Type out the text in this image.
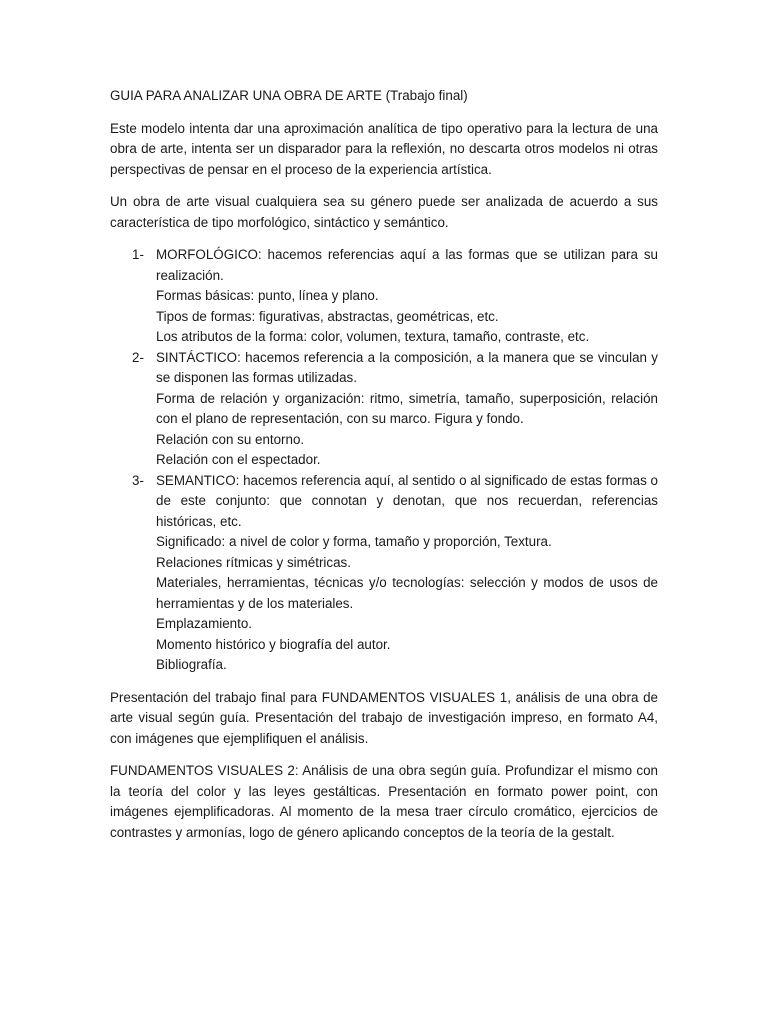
GUIA PARA ANALIZAR UNA OBRA DE ARTE (Trabajo final)

Este modelo intenta dar una aproximación analítica de tipo operativo para la lectura de una obra de arte, intenta ser un disparador para la reflexión, no descarta otros modelos ni otras perspectivas de pensar en el proceso de la experiencia artística.

Un obra de arte visual cualquiera sea su género puede ser analizada de acuerdo a sus característica de tipo morfológico, sintáctico y semántico.

1- MORFOLÓGICO: hacemos referencias aquí a las formas que se utilizan para su realización.
Formas básicas: punto, línea y plano.
Tipos de formas: figurativas, abstractas, geométricas, etc.
Los atributos de la forma: color, volumen, textura, tamaño, contraste, etc.
2- SINTÁCTICO: hacemos referencia a la composición, a la manera que se vinculan y se disponen las formas utilizadas.
Forma de relación y organización: ritmo, simetría, tamaño, superposición, relación con el plano de representación, con su marco. Figura y fondo.
Relación con su entorno.
Relación con el espectador.
3- SEMANTICO: hacemos referencia aquí, al sentido o al significado de estas formas o de este conjunto: que connotan y denotan, que nos recuerdan, referencias históricas, etc.
Significado: a nivel de color y forma, tamaño y proporción, Textura.
Relaciones rítmicas y simétricas.
Materiales, herramientas, técnicas y/o tecnologías: selección y modos de usos de herramientas y de los materiales.
Emplazamiento.
Momento histórico y biografía del autor.
Bibliografía.

Presentación del trabajo final para FUNDAMENTOS VISUALES 1, análisis de una obra de arte visual según guía. Presentación del trabajo de investigación impreso, en formato A4, con imágenes que ejemplifiquen el análisis.

FUNDAMENTOS VISUALES 2: Análisis de una obra según guía. Profundizar el mismo con la teoría del color y las leyes gestálticas. Presentación en formato power point, con imágenes ejemplificadoras. Al momento de la mesa traer círculo cromático, ejercicios de contrastes y armonías, logo de género aplicando conceptos de la teoría de la gestalt.
